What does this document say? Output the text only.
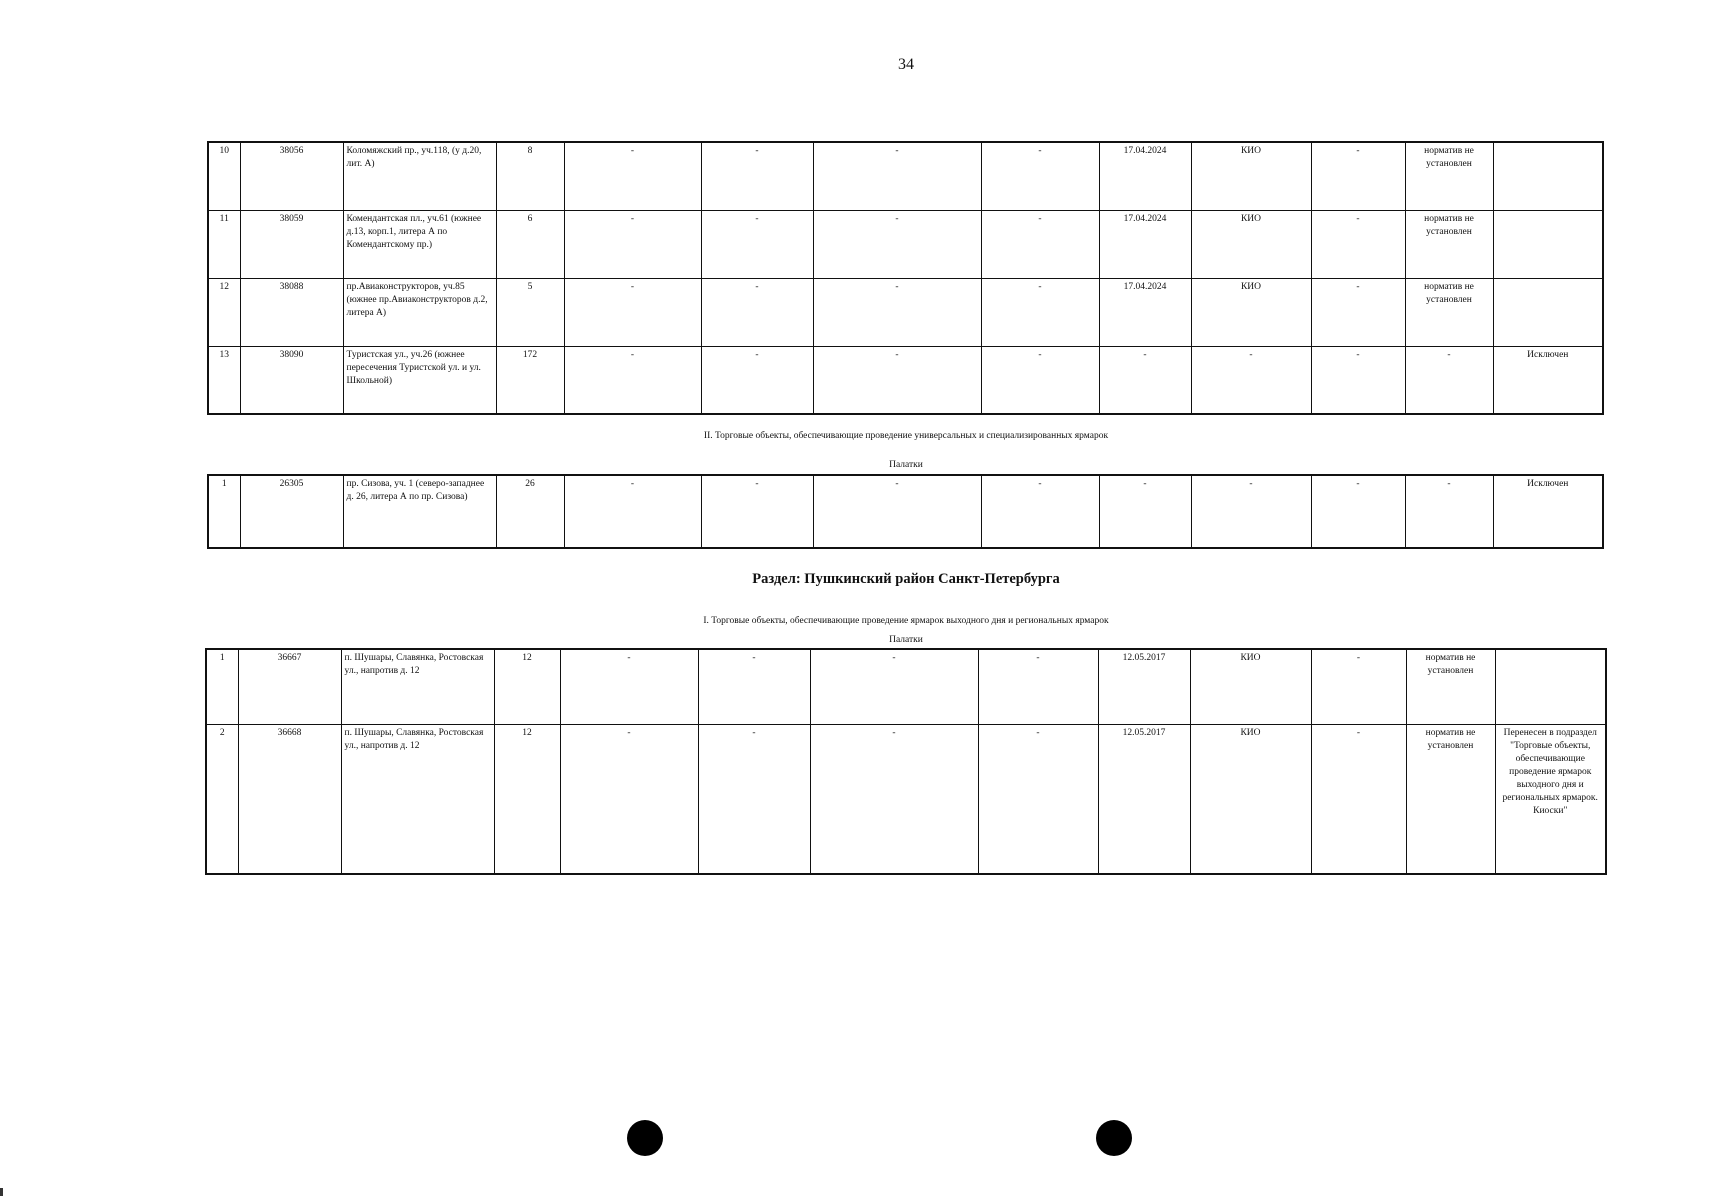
34
10	38056	Коломяжский пр., уч.118, (у д.20, лит. А)	8	-	-	-	-	17.04.2024	КИО	-	норматив не установлен	
11	38059	Комендантская пл., уч.61 (южнее д.13, корп.1, литера А по Комендантскому пр.)	6	-	-	-	-	17.04.2024	КИО	-	норматив не установлен	
12	38088	пр.Авиаконструкторов, уч.85 (южнее пр.Авиаконструкторов д.2, литера А)	5	-	-	-	-	17.04.2024	КИО	-	норматив не установлен	
13	38090	Туристская ул., уч.26 (южнее пересечения Туристской ул. и ул. Школьной)	172	-	-	-	-	-	-	-	-	Исключен
II. Торговые объекты, обеспечивающие проведение универсальных и специализированных ярмарок
Палатки
1	26305	пр. Сизова, уч. 1 (северо-западнее д. 26, литера А по пр. Сизова)	26	-	-	-	-	-	-	-	-	Исключен
Раздел: Пушкинский район Санкт-Петербурга
I. Торговые объекты, обеспечивающие проведение ярмарок выходного дня и региональных ярмарок
Палатки
1	36667	п. Шушары, Славянка, Ростовская ул., напротив д. 12	12	-	-	-	-	12.05.2017	КИО	-	норматив не установлен	
2	36668	п. Шушары, Славянка, Ростовская ул., напротив д. 12	12	-	-	-	-	12.05.2017	КИО	-	норматив не установлен	Перенесен в подраздел "Торговые объекты, обеспечивающие проведение ярмарок выходного дня и региональных ярмарок. Киоски"
